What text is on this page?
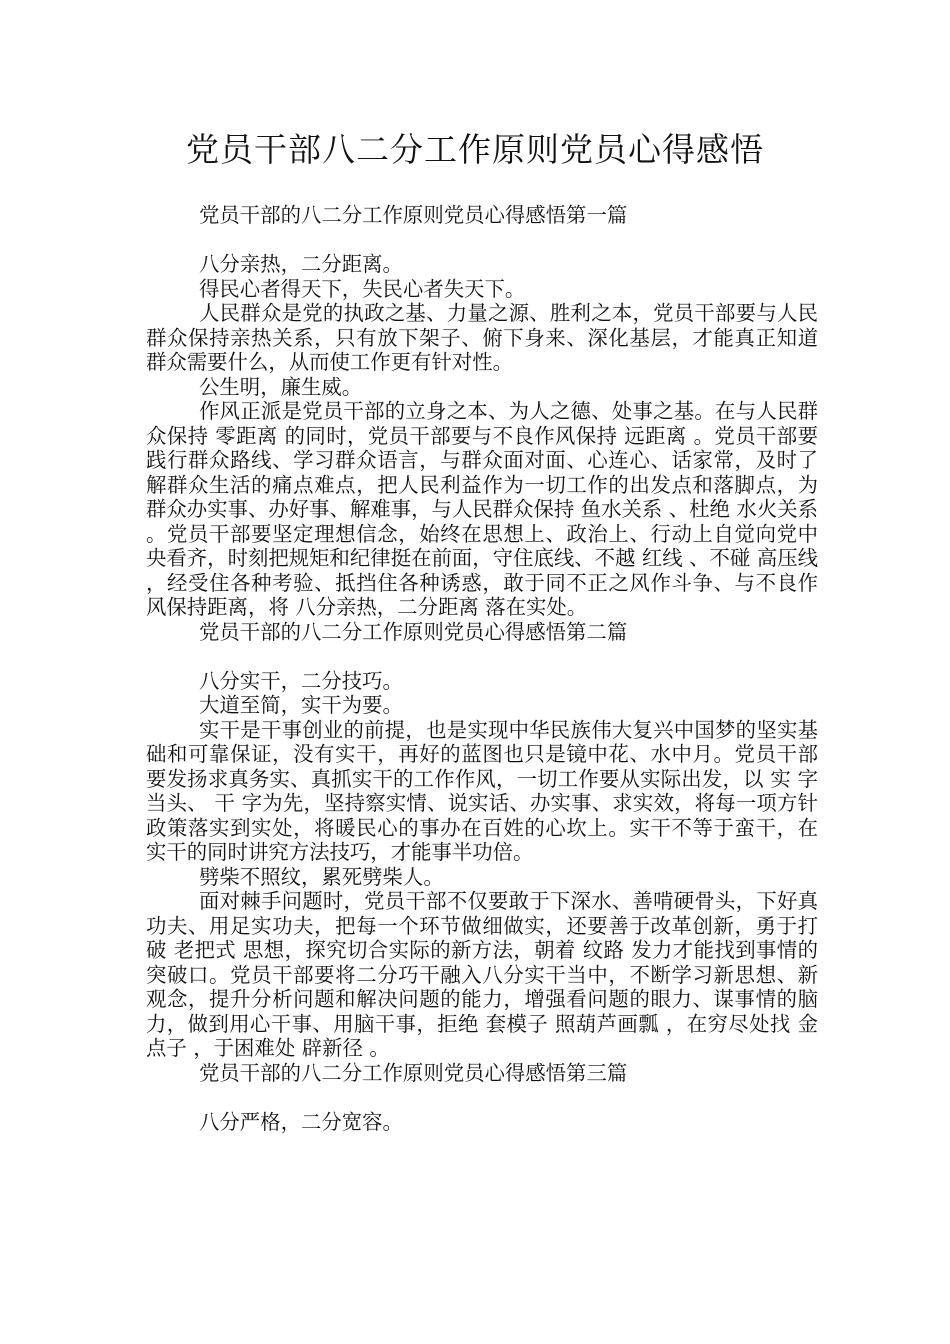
党员干部八二分工作原则党员心得感悟

党员干部的八二分工作原则党员心得感悟第一篇

八分亲热，二分距离。

得民心者得天下，失民心者失天下。

人民群众是党的执政之基、力量之源、胜利之本，党员干部要与人民群众保持亲热关系，只有放下架子、俯下身来、深化基层，才能真正知道群众需要什么，从而使工作更有针对性。

公生明，廉生威。

作风正派是党员干部的立身之本、为人之德、处事之基。在与人民群众保持 零距离 的同时，党员干部要与不良作风保持 远距离 。党员干部要践行群众路线、学习群众语言，与群众面对面、心连心、话家常，及时了解群众生活的痛点难点，把人民利益作为一切工作的出发点和落脚点，为群众办实事、办好事、解难事，与人民群众保持 鱼水关系 、杜绝 水火关系 。党员干部要坚定理想信念，始终在思想上、政治上、行动上自觉向党中央看齐，时刻把规矩和纪律挺在前面，守住底线、不越 红线 、不碰 高压线 ，经受住各种考验、抵挡住各种诱惑，敢于同不正之风作斗争、与不良作风保持距离，将 八分亲热，二分距离 落在实处。

党员干部的八二分工作原则党员心得感悟第二篇

八分实干，二分技巧。

大道至简，实干为要。

实干是干事创业的前提，也是实现中华民族伟大复兴中国梦的坚实基础和可靠保证，没有实干，再好的蓝图也只是镜中花、水中月。党员干部要发扬求真务实、真抓实干的工作作风，一切工作要从实际出发，以 实 字当头、 干 字为先，坚持察实情、说实话、办实事、求实效，将每一项方针政策落实到实处，将暖民心的事办在百姓的心坎上。实干不等于蛮干，在实干的同时讲究方法技巧，才能事半功倍。

劈柴不照纹，累死劈柴人。

面对棘手问题时，党员干部不仅要敢于下深水、善啃硬骨头，下好真功夫、用足实功夫，把每一个环节做细做实，还要善于改革创新，勇于打破 老把式 思想，探究切合实际的新方法，朝着 纹路 发力才能找到事情的突破口。党员干部要将二分巧干融入八分实干当中，不断学习新思想、新观念，提升分析问题和解决问题的能力，增强看问题的眼力、谋事情的脑力，做到用心干事、用脑干事，拒绝 套模子 照葫芦画瓢 ，在穷尽处找 金点子 ，于困难处 辟新径 。

党员干部的八二分工作原则党员心得感悟第三篇

八分严格，二分宽容。
